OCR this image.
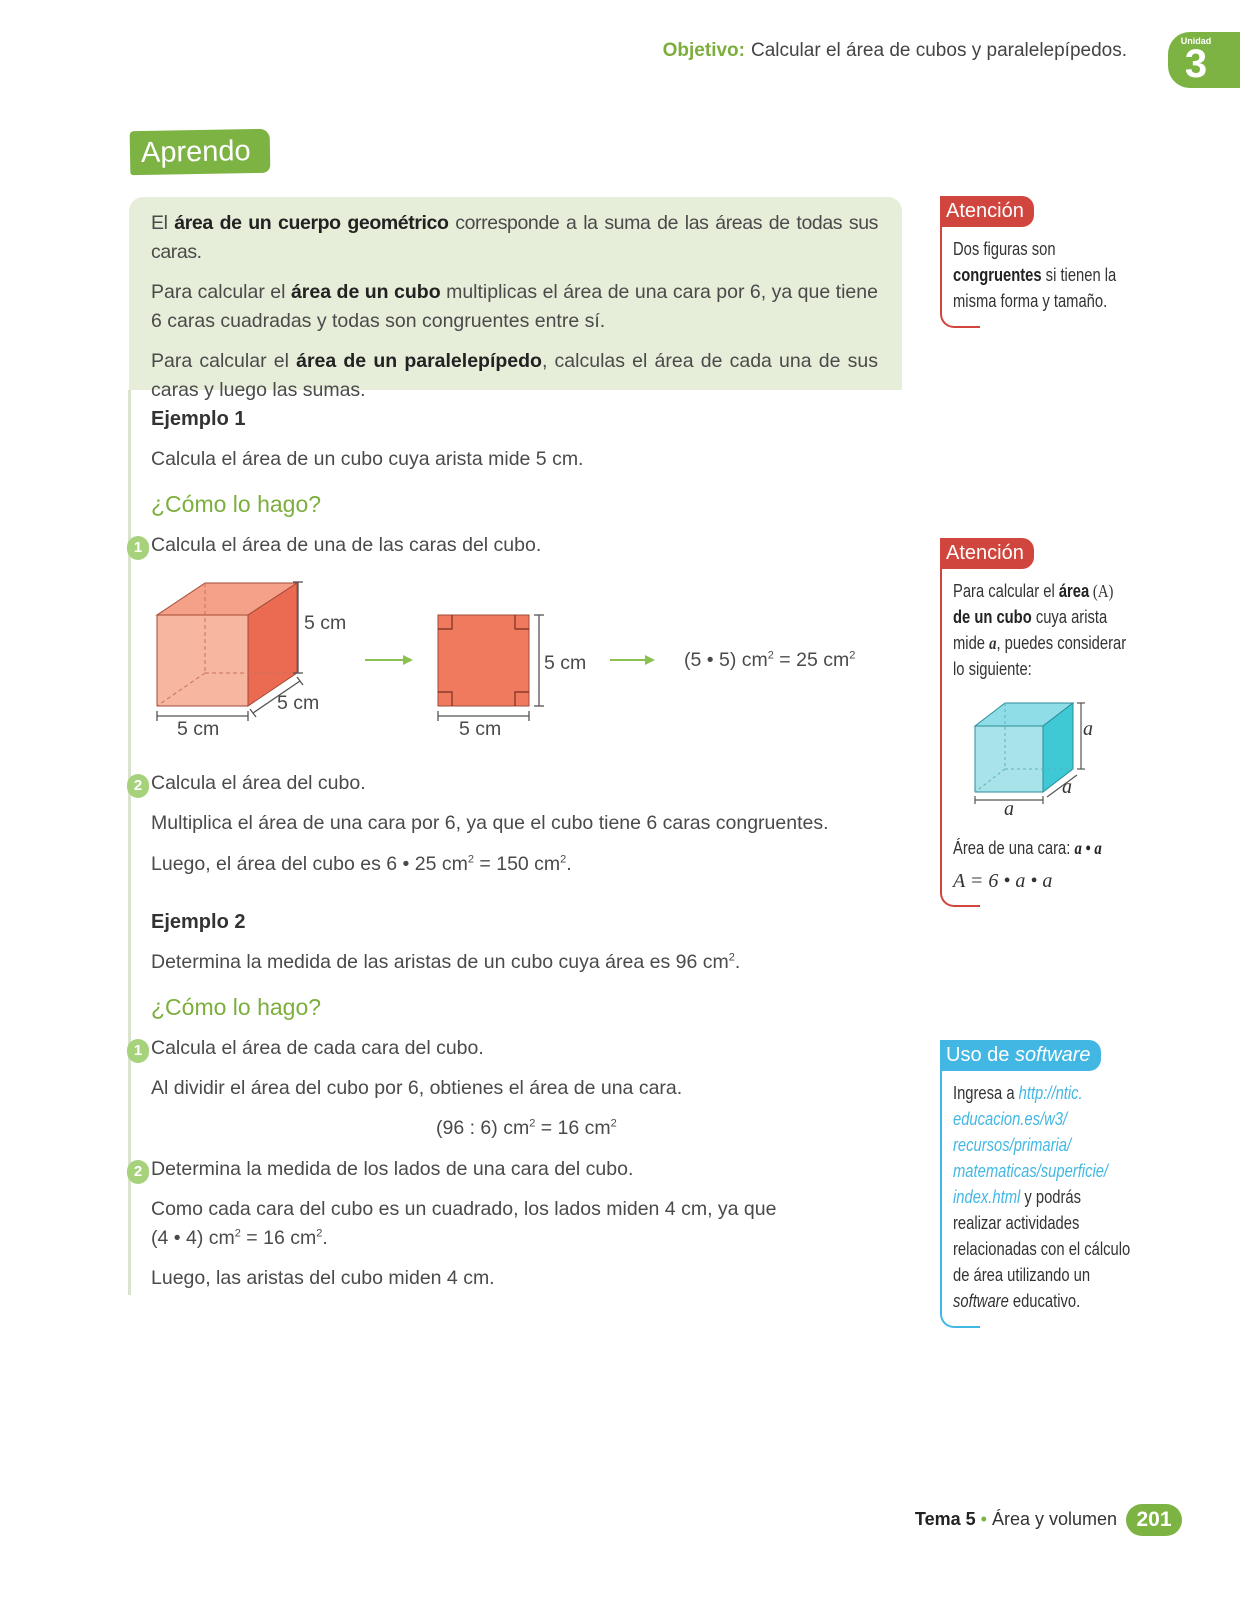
Objetivo: Calcular el área de cubos y paralelepípedos.	Unidad
3
Aprendo

El área de un cuerpo geométrico corresponde a la suma de las áreas de todas sus caras.

Para calcular el área de un cubo multiplicas el área de una cara por 6, ya que tiene 6 caras cuadradas y todas son congruentes entre sí.

Para calcular el área de un paralelepípedo, calculas el área de cada una de sus caras y luego las sumas.

Ejemplo 1
Calcula el área de un cubo cuya arista mide 5 cm.
¿Cómo lo hago?
1 Calcula el área de una de las caras del cubo.
5 cm
5 cm
5 cm
5 cm
5 cm
(5 • 5) $cm^2 = 25$ $cm^2$
2 Calcula el área del cubo.
Multiplica el área de una cara por 6, ya que el cubo tiene 6 caras congruentes.
Luego, el área del cubo es 6 • 25 $cm^2 = 150$ $cm^2$.
Ejemplo 2
Determina la medida de las aristas de un cubo cuya área es 96 $cm^2$.
¿Cómo lo hago?
1 Calcula el área de cada cara del cubo.
Al dividir el área del cubo por 6, obtienes el área de una cara.
(96 : 6) $cm^2 = 16$ $cm^2$
2 Determina la medida de los lados de una cara del cubo.
Como cada cara del cubo es un cuadrado, los lados miden 4 cm, ya que
(4 • 4) $cm^2 = 16$ $cm^2$.
Luego, las aristas del cubo miden 4 cm.
Atención
Dos figuras son
congruentes si tienen la
misma forma y tamaño.
Atención
Para calcular el área (A)
de un cubo cuya arista
mide a, puedes considerar
lo siguiente:
a
a
a
Área de una cara: a • a
A = 6 • a • a
Uso de software
Ingresa a http://ntic.
educacion.es/w3/
recursos/primaria/
matematicas/superficie/
index.html y podrás
realizar actividades
relacionadas con el cálculo
de área utilizando un
software educativo.
Tema 5 • Área y volumen 201
